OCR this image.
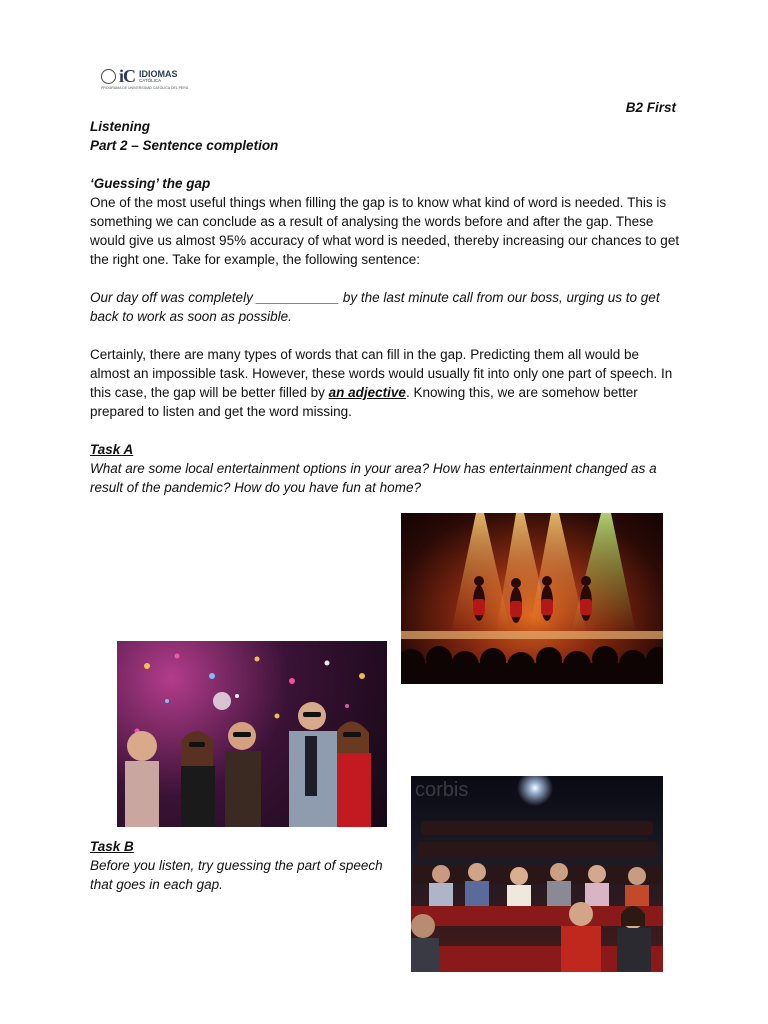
iC IDIOMAS
CATÓLICA
PROGRAMA DE UNIVERSIDAD CATÓLICA DEL PERÚ
B2 First
Listening
Part 2 – Sentence completion
‘Guessing’ the gap
One of the most useful things when filling the gap is to know what kind of word is needed. This is something we can conclude as a result of analysing the words before and after the gap. These would give us almost 95% accuracy of what word is needed, thereby increasing our chances to get the right one. Take for example, the following sentence:
Our day off was completely ___________ by the last minute call from our boss, urging us to get back to work as soon as possible.
Certainly, there are many types of words that can fill in the gap. Predicting them all would be almost an impossible task. However, these words would usually fit into only one part of speech. In this case, the gap will be better filled by an adjective. Knowing this, we are somehow better prepared to listen and get the word missing.
Task A
What are some local entertainment options in your area? How has entertainment changed as a result of the pandemic? How do you have fun at home?
corbis
Task B
Before you listen, try guessing the part of speech that goes in each gap.
